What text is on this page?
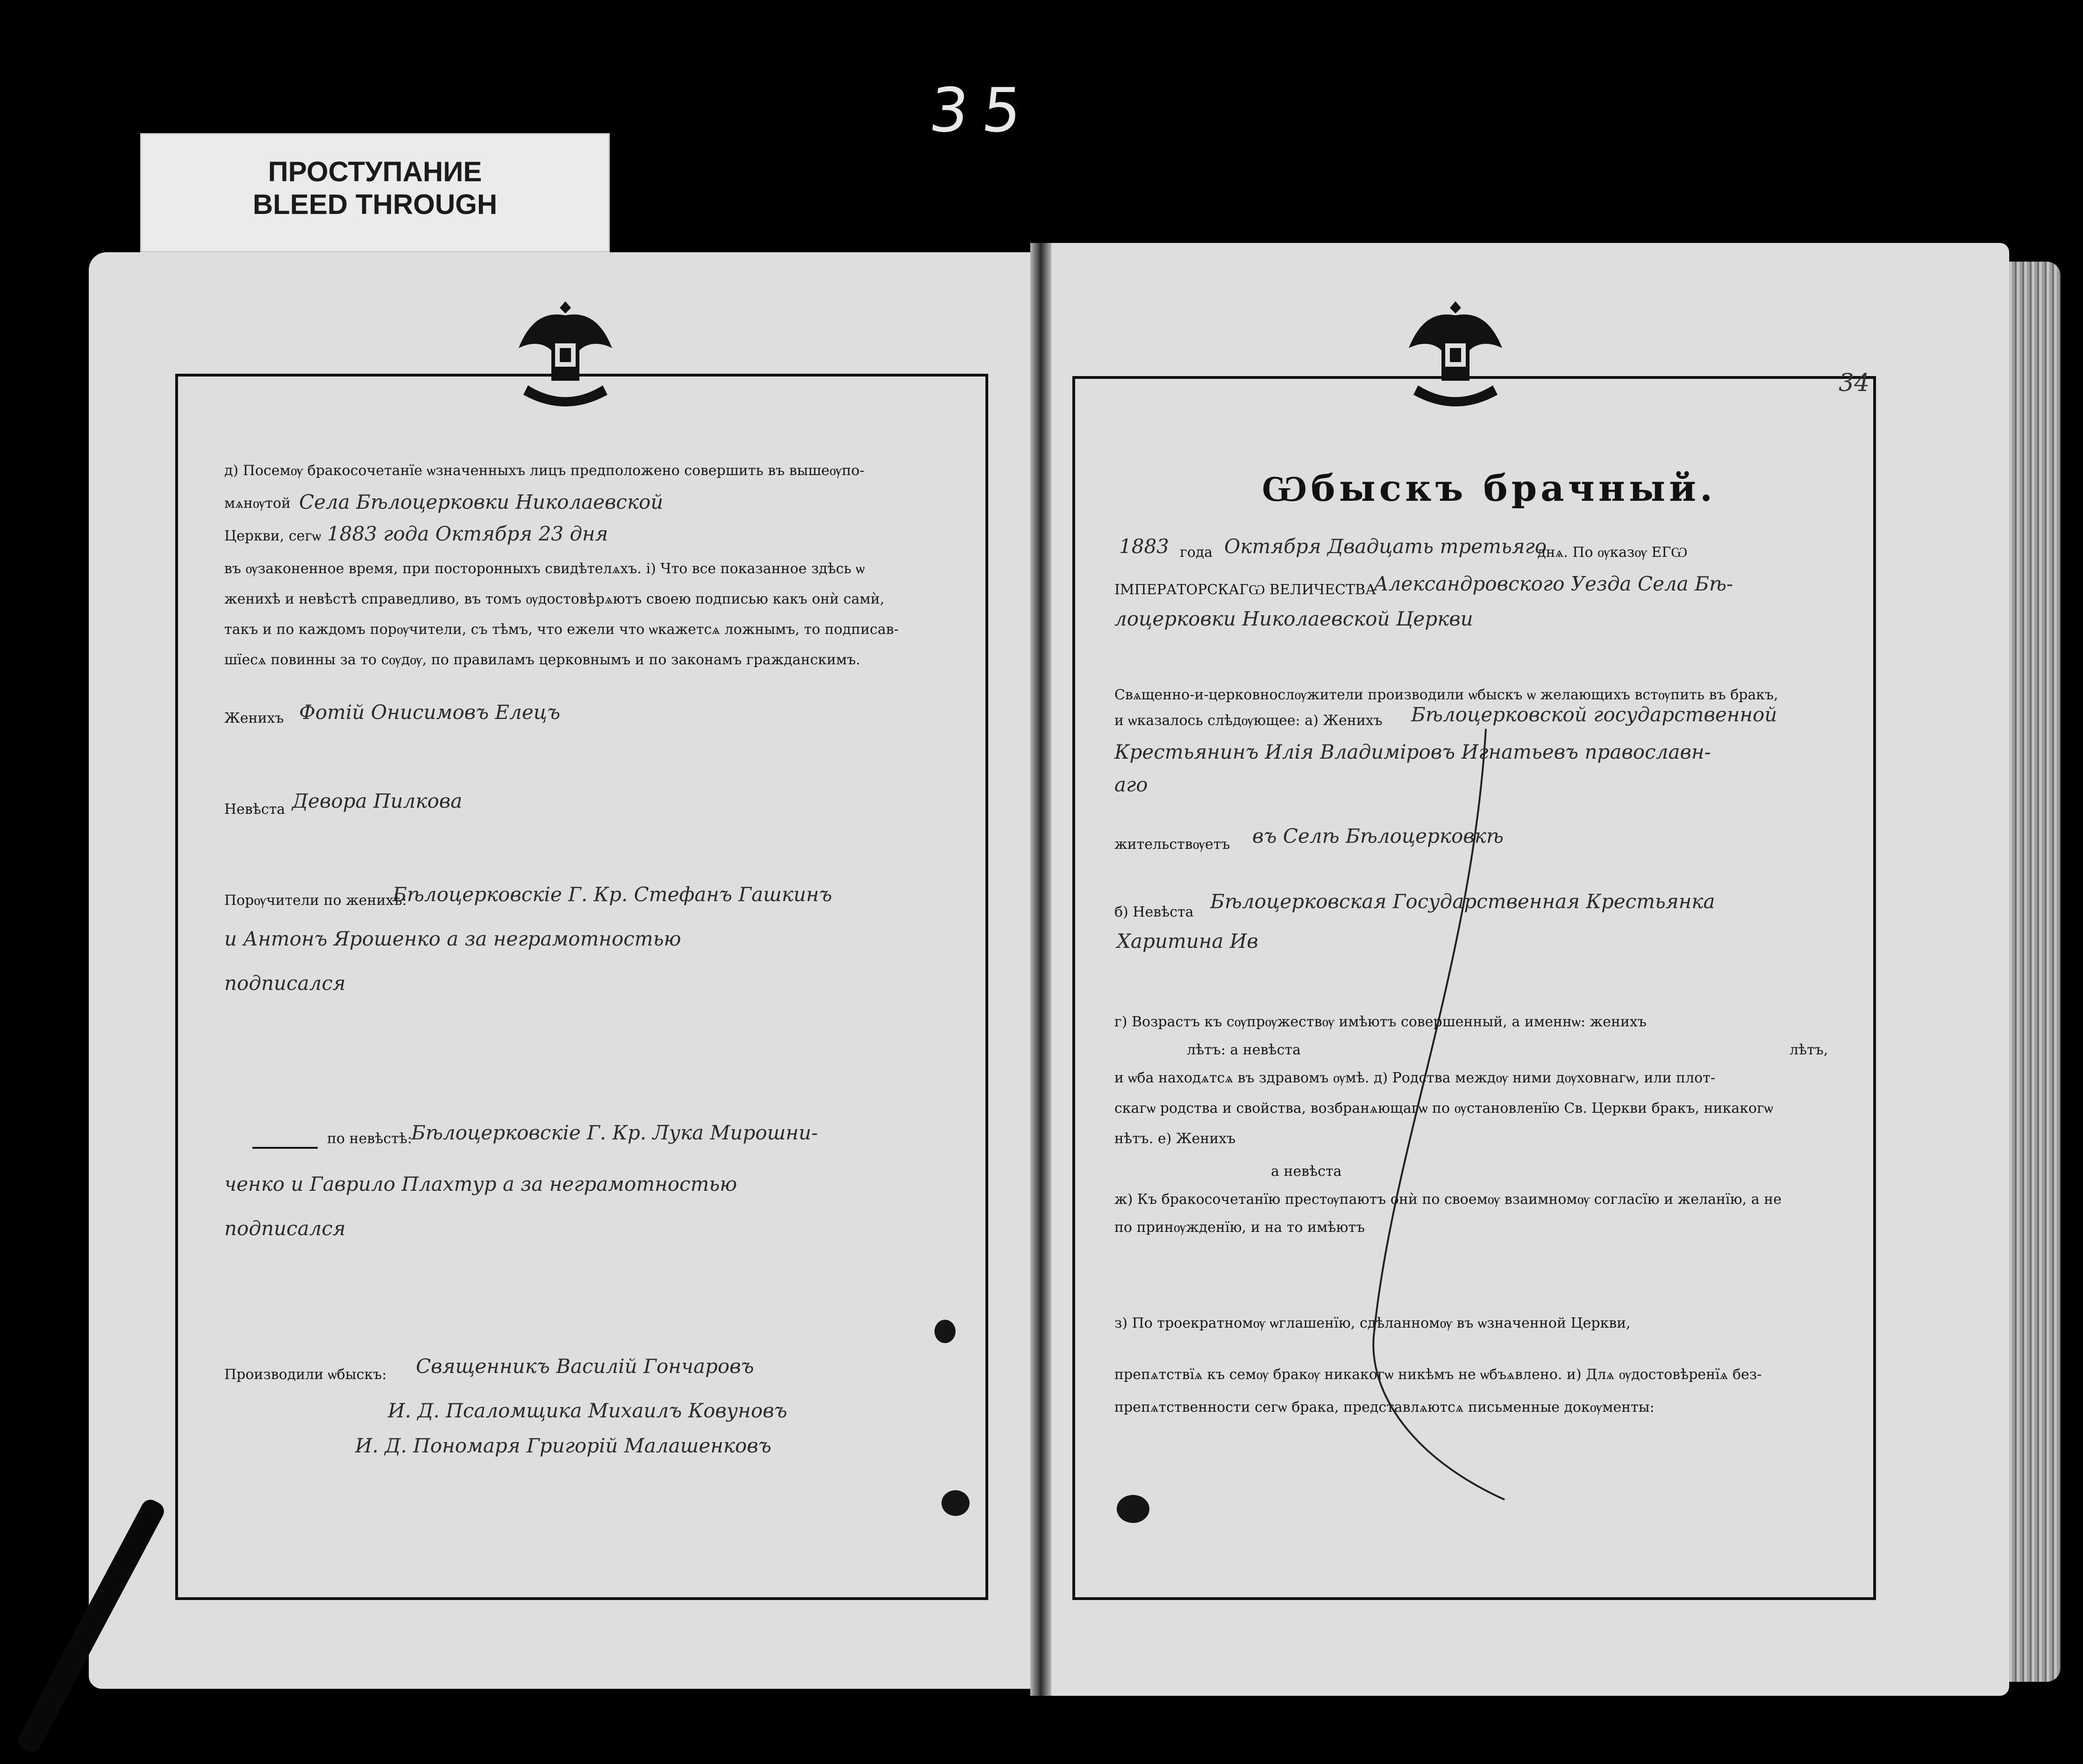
35
ПРОСТУПАНИЕ
BLEED THROUGH
д) Посемѹ бракосочетанїе ѡзначенныхъ лицъ предположено совершить въ вышеѹпо-
мѧнѹтой Села Бѣлоцерковки Николаевской
Церкви, сегѡ 1883 года Октября 23 дня
въ ѹзаконенное время, при посторонныхъ свидѣтелѧхъ. і) Что все показанное здѣсь ѡ
женихѣ и невѣстѣ справедливо, въ томъ ѹдостовѣрѧютъ своею подписью какъ онѝ самѝ,
такъ и по каждомъ порѹчители, съ тѣмъ, что ежели что ѡкажетсѧ ложнымъ, то подписав-
шїесѧ повинны за то сѹдѹ, по правиламъ церковнымъ и по законамъ гражданскимъ.
Женихъ Фотій Онисимовъ Елецъ
Невѣста Девора Пилкова
Порѹчители по женихѣ:
Бѣлоцерковскіе Г. Кр. Стефанъ Гашкинъ
и Антонъ Ярошенко а за неграмотностью
подписался
по невѣстѣ:
Бѣлоцерковскіе Г. Кр. Лука Мирошни-
ченко и Гаврило Плахтур а за неграмотностью
подписался
Производили ѡбыскъ: Священникъ Василій Гончаровъ
И. Д. Псаломщика Михаилъ Ковуновъ
И. Д. Пономаря Григорій Малашенковъ
34
Ѡбыскъ брачный.
1883 года Октября Двадцать третьяго
днѧ. По ѹказѹ ЕГѠ
ІМПЕРАТОРСКАГѠ ВЕЛИЧЕСТВА
Александровского Уезда Села Бѣ-
лоцерковки Николаевской Церкви
Свѧщенно-и-церковнослѹжители производили ѡбыскъ ѡ желающихъ встѹпить въ бракъ,
и ѡказалось слѣдѹющее: а) Женихъ Бѣлоцерковской государственной
Крестьянинъ Илія Владиміровъ Игнатьевъ православн-
аго
жительствѹетъ въ Селѣ Бѣлоцерковкѣ
б) Невѣста Бѣлоцерковская Государственная Крестьянка
Харитина Ив
г) Возрастъ къ сѹпрѹжествѹ имѣютъ совершенный, а именнѡ: женихъ
лѣтъ: а невѣста	лѣтъ,
и ѡба находѧтсѧ въ здравомъ ѹмѣ. д) Родства междѹ ними дѹховнагѡ, или плот-
скагѡ родства и свойства, возбранѧющагѡ по ѹстановленїю Св. Церкви бракъ, никакогѡ
нѣтъ. е) Женихъ
а невѣста
ж) Къ бракосочетанїю престѹпаютъ онѝ по своемѹ взаимномѹ согласїю и желанїю, а не
по принѹжденїю, и на то имѣютъ
з) По троекратномѹ ѡглашенїю, сдѣланномѹ въ ѡзначенной Церкви,
препѧтствїѧ къ семѹ бракѹ никакогѡ никѣмъ не ѡбъѧвлено. и) Длѧ ѹдостовѣренїѧ без-
препѧтственности сегѡ брака, представлѧютсѧ письменные докѹменты:
